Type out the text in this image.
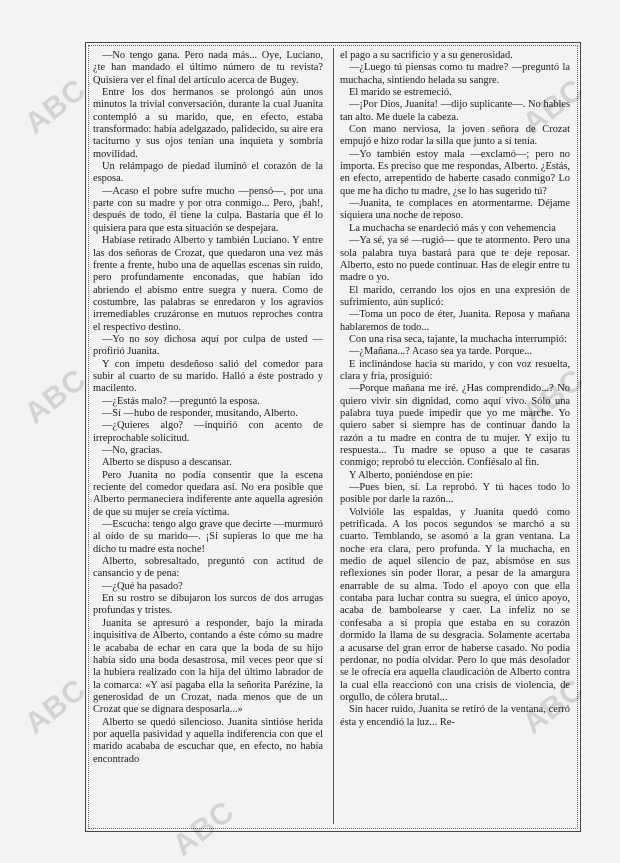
—No tengo gana. Pero nada más... Oye, Luciano, ¿te han mandado el último número de tu revista? Quisiera ver el final del artículo acerca de Bugey.

Entre los dos hermanos se prolongó aún unos minutos la trivial conversación, durante la cual Juanita contempló a su marido, que, en efecto, estaba transformado: había adelgazado, palidecido, su aire era taciturno y sus ojos tenían una inquieta y sombría movilidad.

Un relámpago de piedad iluminó el corazón de la esposa.

—Acaso el pobre sufre mucho —pensó—, por una parte con su madre y por otra conmigo... Pero, ¡bah!, después de todo, él tiene la culpa. Bastaría que él lo quisiera para que esta situación se despejara.

Habíase retirado Alberto y también Luciano. Y entre las dos señoras de Crozat, que quedaron una vez más frente a frente, hubo una de aquellas escenas sin ruido, pero profundamente enconadas, que habían ido abriendo el abismo entre suegra y nuera. Como de costumbre, las palabras se enredaron y los agravios irremediables cruzáronse en mutuos reproches contra el respectivo destino.

—Yo no soy dichosa aquí por culpa de usted —profirió Juanita.

Y con ímpetu desdeñoso salió del comedor para subir al cuarto de su marido. Halló a éste postrado y macilento.

—¿Estás malo? —preguntó la esposa.

—Sí —hubo de responder, musitando, Alberto.

—¿Quieres algo? —inquirió con acento de irreprochable solicitud.

—No, gracias.

Alberto se dispuso a descansar.

Pero Juanita no podía consentir que la escena reciente del comedor quedara así. No era posible que Alberto permaneciera indiferente ante aquella agresión de que su mujer se creía víctima.

—Escucha: tengo algo grave que decirte —murmuró al oído de su marido—. ¡Si supieras lo que me ha dicho tu madre esta noche!

Alberto, sobresaltado, preguntó con actitud de cansancio y de pena:

—¿Qué ha pasado?

En su rostro se dibujaron los surcos de dos arrugas profundas y tristes.

Juanita se apresuró a responder, bajo la mirada inquisitiva de Alberto, contando a éste cómo su madre le acababa de echar en cara que la boda de su hijo había sido una boda desastrosa, mil veces peor que si la hubiera realizado con la hija del último labrador de la comarca: «Y así pagaba ella la señorita Parézine, la generosidad de un Crozat, nada menos que de un Crozat que se dignara desposarla...»

Alberto se quedó silencioso. Juanita sintióse herida por aquella pasividad y aquella indiferencia con que el marido acababa de escuchar que, en efecto, no había encontrado

el pago a su sacrificio y a su generosidad.

—¿Luego tú piensas como tu madre? —preguntó la muchacha, sintiendo helada su sangre.

El marido se estremeció.

—¡Por Dios, Juanita! —dijo suplicante—. No hables tan alto. Me duele la cabeza.

Con mano nerviosa, la joven señora de Crozat empujó e hizo rodar la silla que junto a sí tenía.

—Yo también estoy mala —exclamó—; pero no importa. Es preciso que me respondas, Alberto. ¿Estás, en efecto, arrepentido de haberte casado conmigo? Lo que me ha dicho tu madre, ¿se lo has sugerido tú?

—Juanita, te complaces en atormentarme. Déjame siquiera una noche de reposo.

La muchacha se enardeció más y con vehemencia

—Ya sé, ya sé —rugió— que te atormento. Pero una sola palabra tuya bastará para que te deje reposar. Alberto, esto no puede continuar. Has de elegir entre tu madre o yo.

El marido, cerrando los ojos en una expresión de sufrimiento, aún suplicó:

—Toma un poco de éter, Juanita. Reposa y mañana hablaremos de todo...

Con una risa seca, tajante, la muchacha interrumpió:

—¿Mañana...? Acaso sea ya tarde. Porque...

E inclinándose hacia su marido, y con voz resuelta, clara y fría, prosiguió:

—Porque mañana me iré. ¿Has comprendido...? No quiero vivir sin dignidad, como aquí vivo. Sólo una palabra tuya puede impedir que yo me marche. Yo quiero saber si siempre has de continuar dando la razón a tu madre en contra de tu mujer. Y exijo tu respuesta... Tu madre se opuso a que te casaras conmigo; reprobó tu elección. Confiésalo al fin.

Y Alberto, poniéndose en pie:

—Pues bien, sí. La reprobó. Y tú haces todo lo posible por darle la razón...

Volvióle las espaldas, y Juanita quedó como petrificada. A los pocos segundos se marchó a su cuarto. Temblando, se asomó a la gran ventana. La noche era clara, pero profunda. Y la muchacha, en medio de aquel silencio de paz, abismóse en sus reflexiones sin poder llorar, a pesar de la amargura enarrable de su alma. Todo el apoyo con que ella contaba para luchar contra su suegra, el único apoyo, acaba de bambolearse y caer. La infeliz no se confesaba a sí propia que estaba en su corazón dormido la llama de su desgracia. Solamente acertaba a acusarse del gran error de haberse casado. No podía perdonar, no podía olvidar. Pero lo que más desolador se le ofrecía era aquella claudicación de Alberto contra la cual ella reaccionó con una crisis de violencia, de orgullo, de cólera brutal...

Sin hacer ruido, Juanita se retiró de la ventana, cerró ésta y encendió la luz... Re-

ABC
ABC
ABC
ABC
ABC
ABC
ABC
